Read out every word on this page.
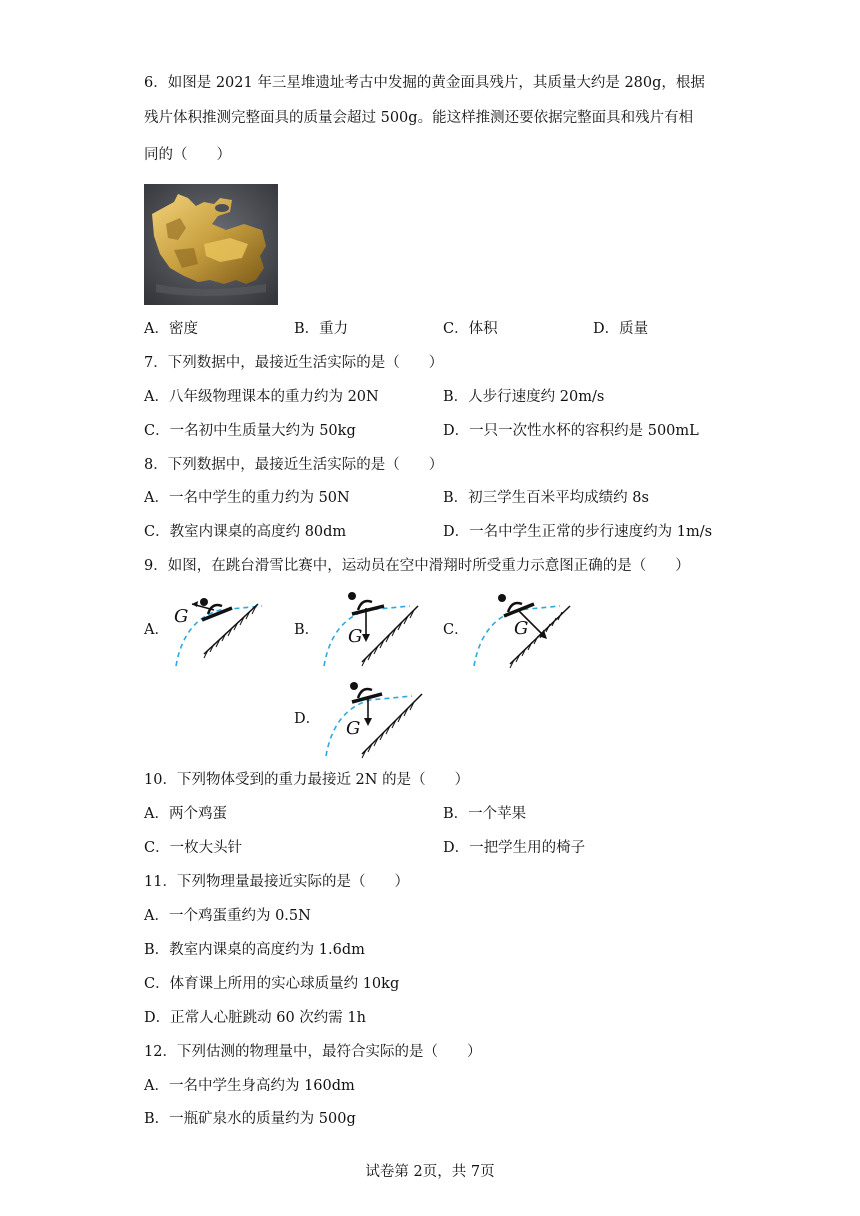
6．如图是 2021 年三星堆遗址考古中发掘的黄金面具残片，其质量大约是 280g，根据
残片体积推测完整面具的质量会超过 500g。能这样推测还要依据完整面具和残片有相
同的（　　）
A．密度	B．重力	C．体积	D．质量
7．下列数据中，最接近生活实际的是（　　）
A．八年级物理课本的重力约为 20N	B．人步行速度约 20m/s
C．一名初中生质量大约为 50kg	D．一只一次性水杯的容积约是 500mL
8．下列数据中，最接近生活实际的是（　　）
A．一名中学生的重力约为 50N	B．初三学生百米平均成绩约 8s
C．教室内课桌的高度约 80dm	D．一名中学生正常的步行速度约为 1m/s
9．如图，在跳台滑雪比赛中，运动员在空中滑翔时所受重力示意图正确的是（　　）
A．	B．	C．
D．
G
G	G
G
10．下列物体受到的重力最接近 2N 的是（　　）
A．两个鸡蛋	B．一个苹果
C．一枚大头针	D．一把学生用的椅子
11．下列物理量最接近实际的是（　　）
A．一个鸡蛋重约为 0.5N
B．教室内课桌的高度约为 1.6dm
C．体育课上所用的实心球质量约 10kg
D．正常人心脏跳动 60 次约需 1h
12．下列估测的物理量中，最符合实际的是（　　）
A．一名中学生身高约为 160dm
B．一瓶矿泉水的质量约为 500g
试卷第 2页，共 7页
